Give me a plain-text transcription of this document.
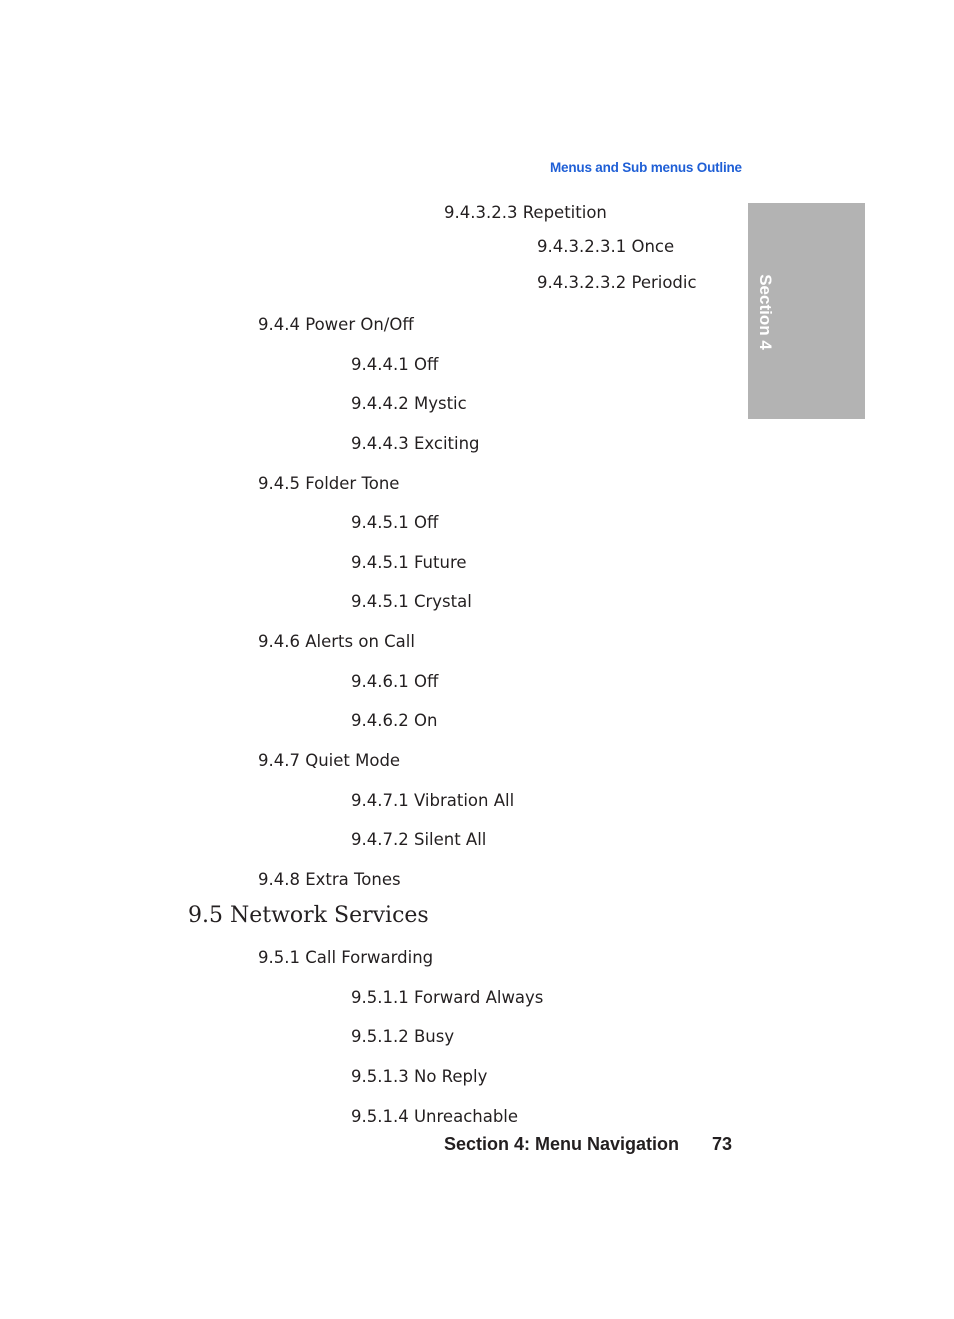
Menus and Sub menus Outline
Section 4
9.4.3.2.3 Repetition
9.4.3.2.3.1 Once
9.4.3.2.3.2 Periodic
9.4.4 Power On/Off
9.4.4.1 Off
9.4.4.2 Mystic
9.4.4.3 Exciting
9.4.5 Folder Tone
9.4.5.1 Off
9.4.5.1 Future
9.4.5.1 Crystal
9.4.6 Alerts on Call
9.4.6.1 Off
9.4.6.2 On
9.4.7 Quiet Mode
9.4.7.1 Vibration All
9.4.7.2 Silent All
9.4.8 Extra Tones
9.5 Network Services
9.5.1 Call Forwarding
9.5.1.1 Forward Always
9.5.1.2 Busy
9.5.1.3 No Reply
9.5.1.4 Unreachable
Section 4: Menu Navigation 73
